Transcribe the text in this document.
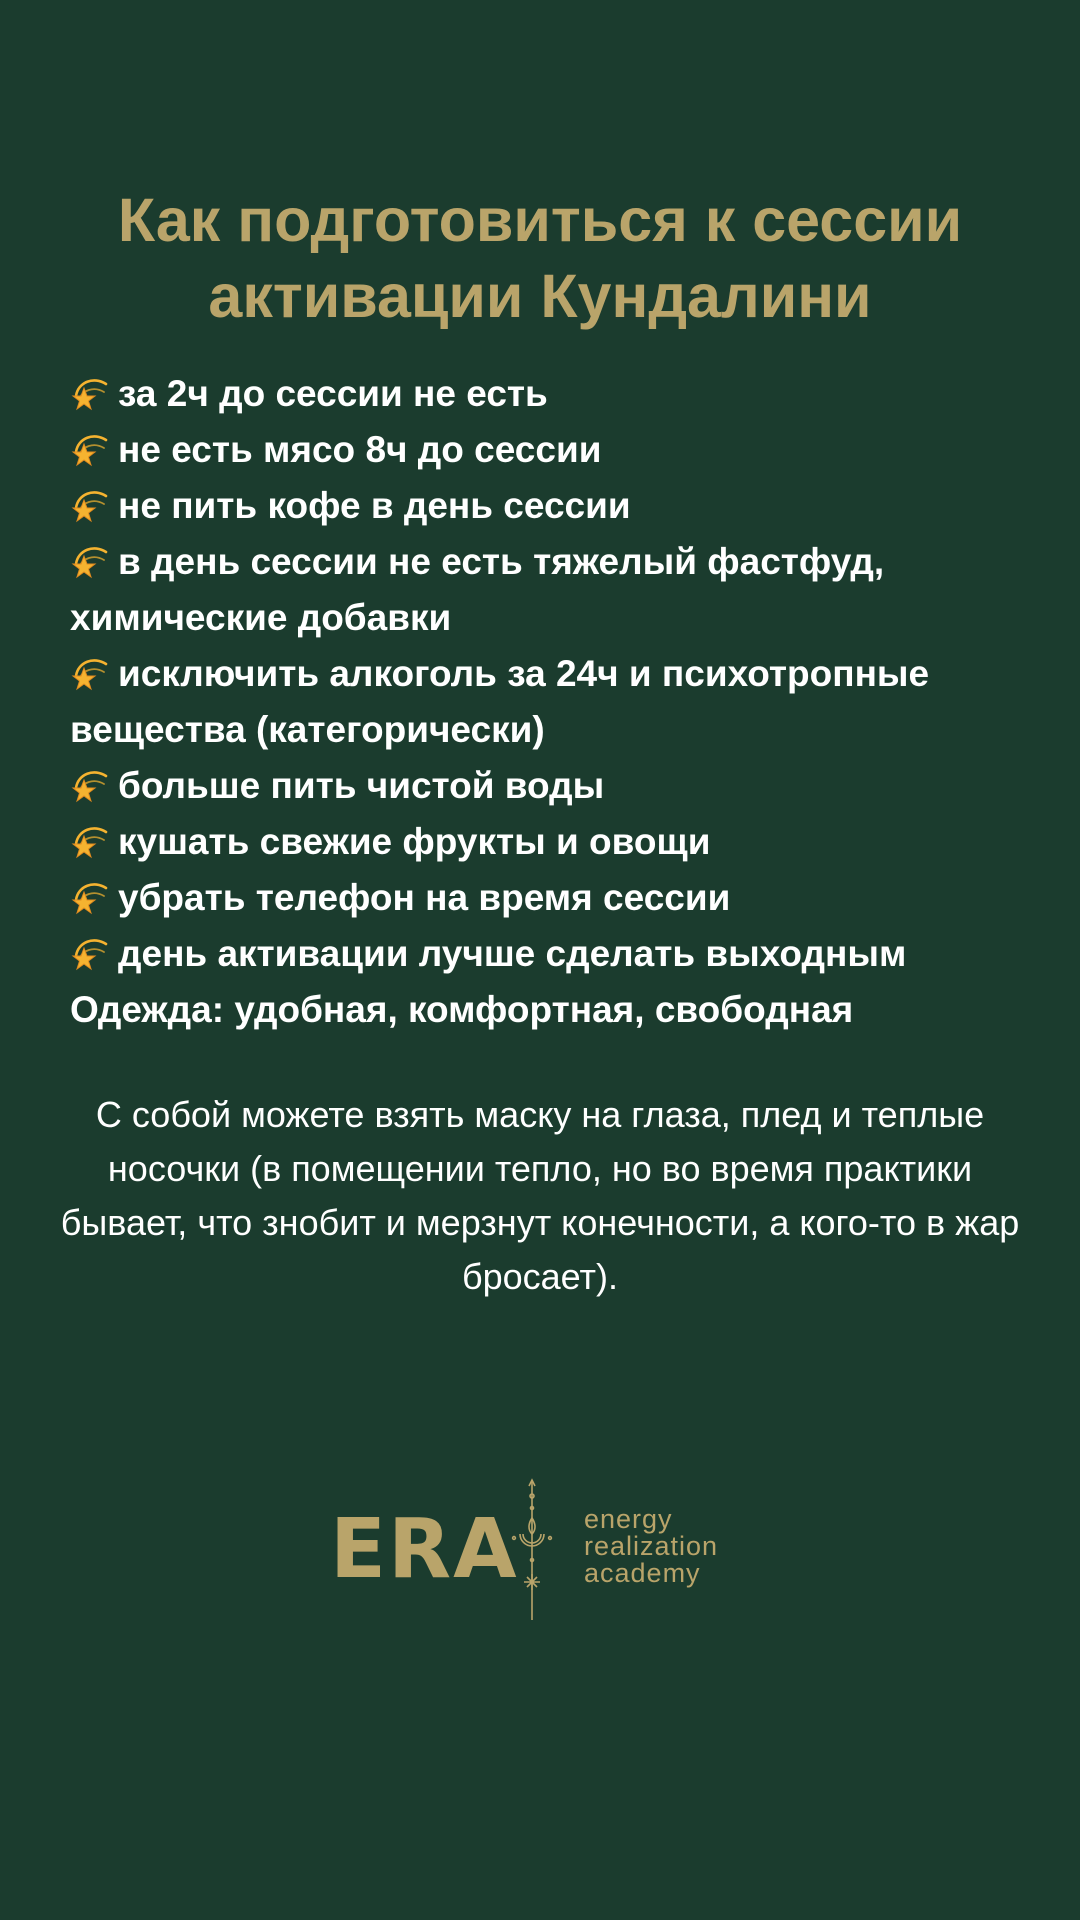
Как подготовиться к сессии
активации Кундалини
за 2ч до сессии не есть
не есть мясо 8ч до сессии
не пить кофе в день сессии
в день сессии не есть тяжелый фастфуд, химические добавки
исключить алкоголь за 24ч и психотропные вещества (категорически)
больше пить чистой воды
кушать свежие фрукты и овощи
убрать телефон на время сессии
день активации лучше сделать выходным
Одежда: удобная, комфортная, свободная

С собой можете взять маску на глаза, плед и теплые носочки (в помещении тепло, но во время практики бывает, что знобит и мерзнут конечности, а кого-то в жар бросает).

ERA energy
realization
academy
